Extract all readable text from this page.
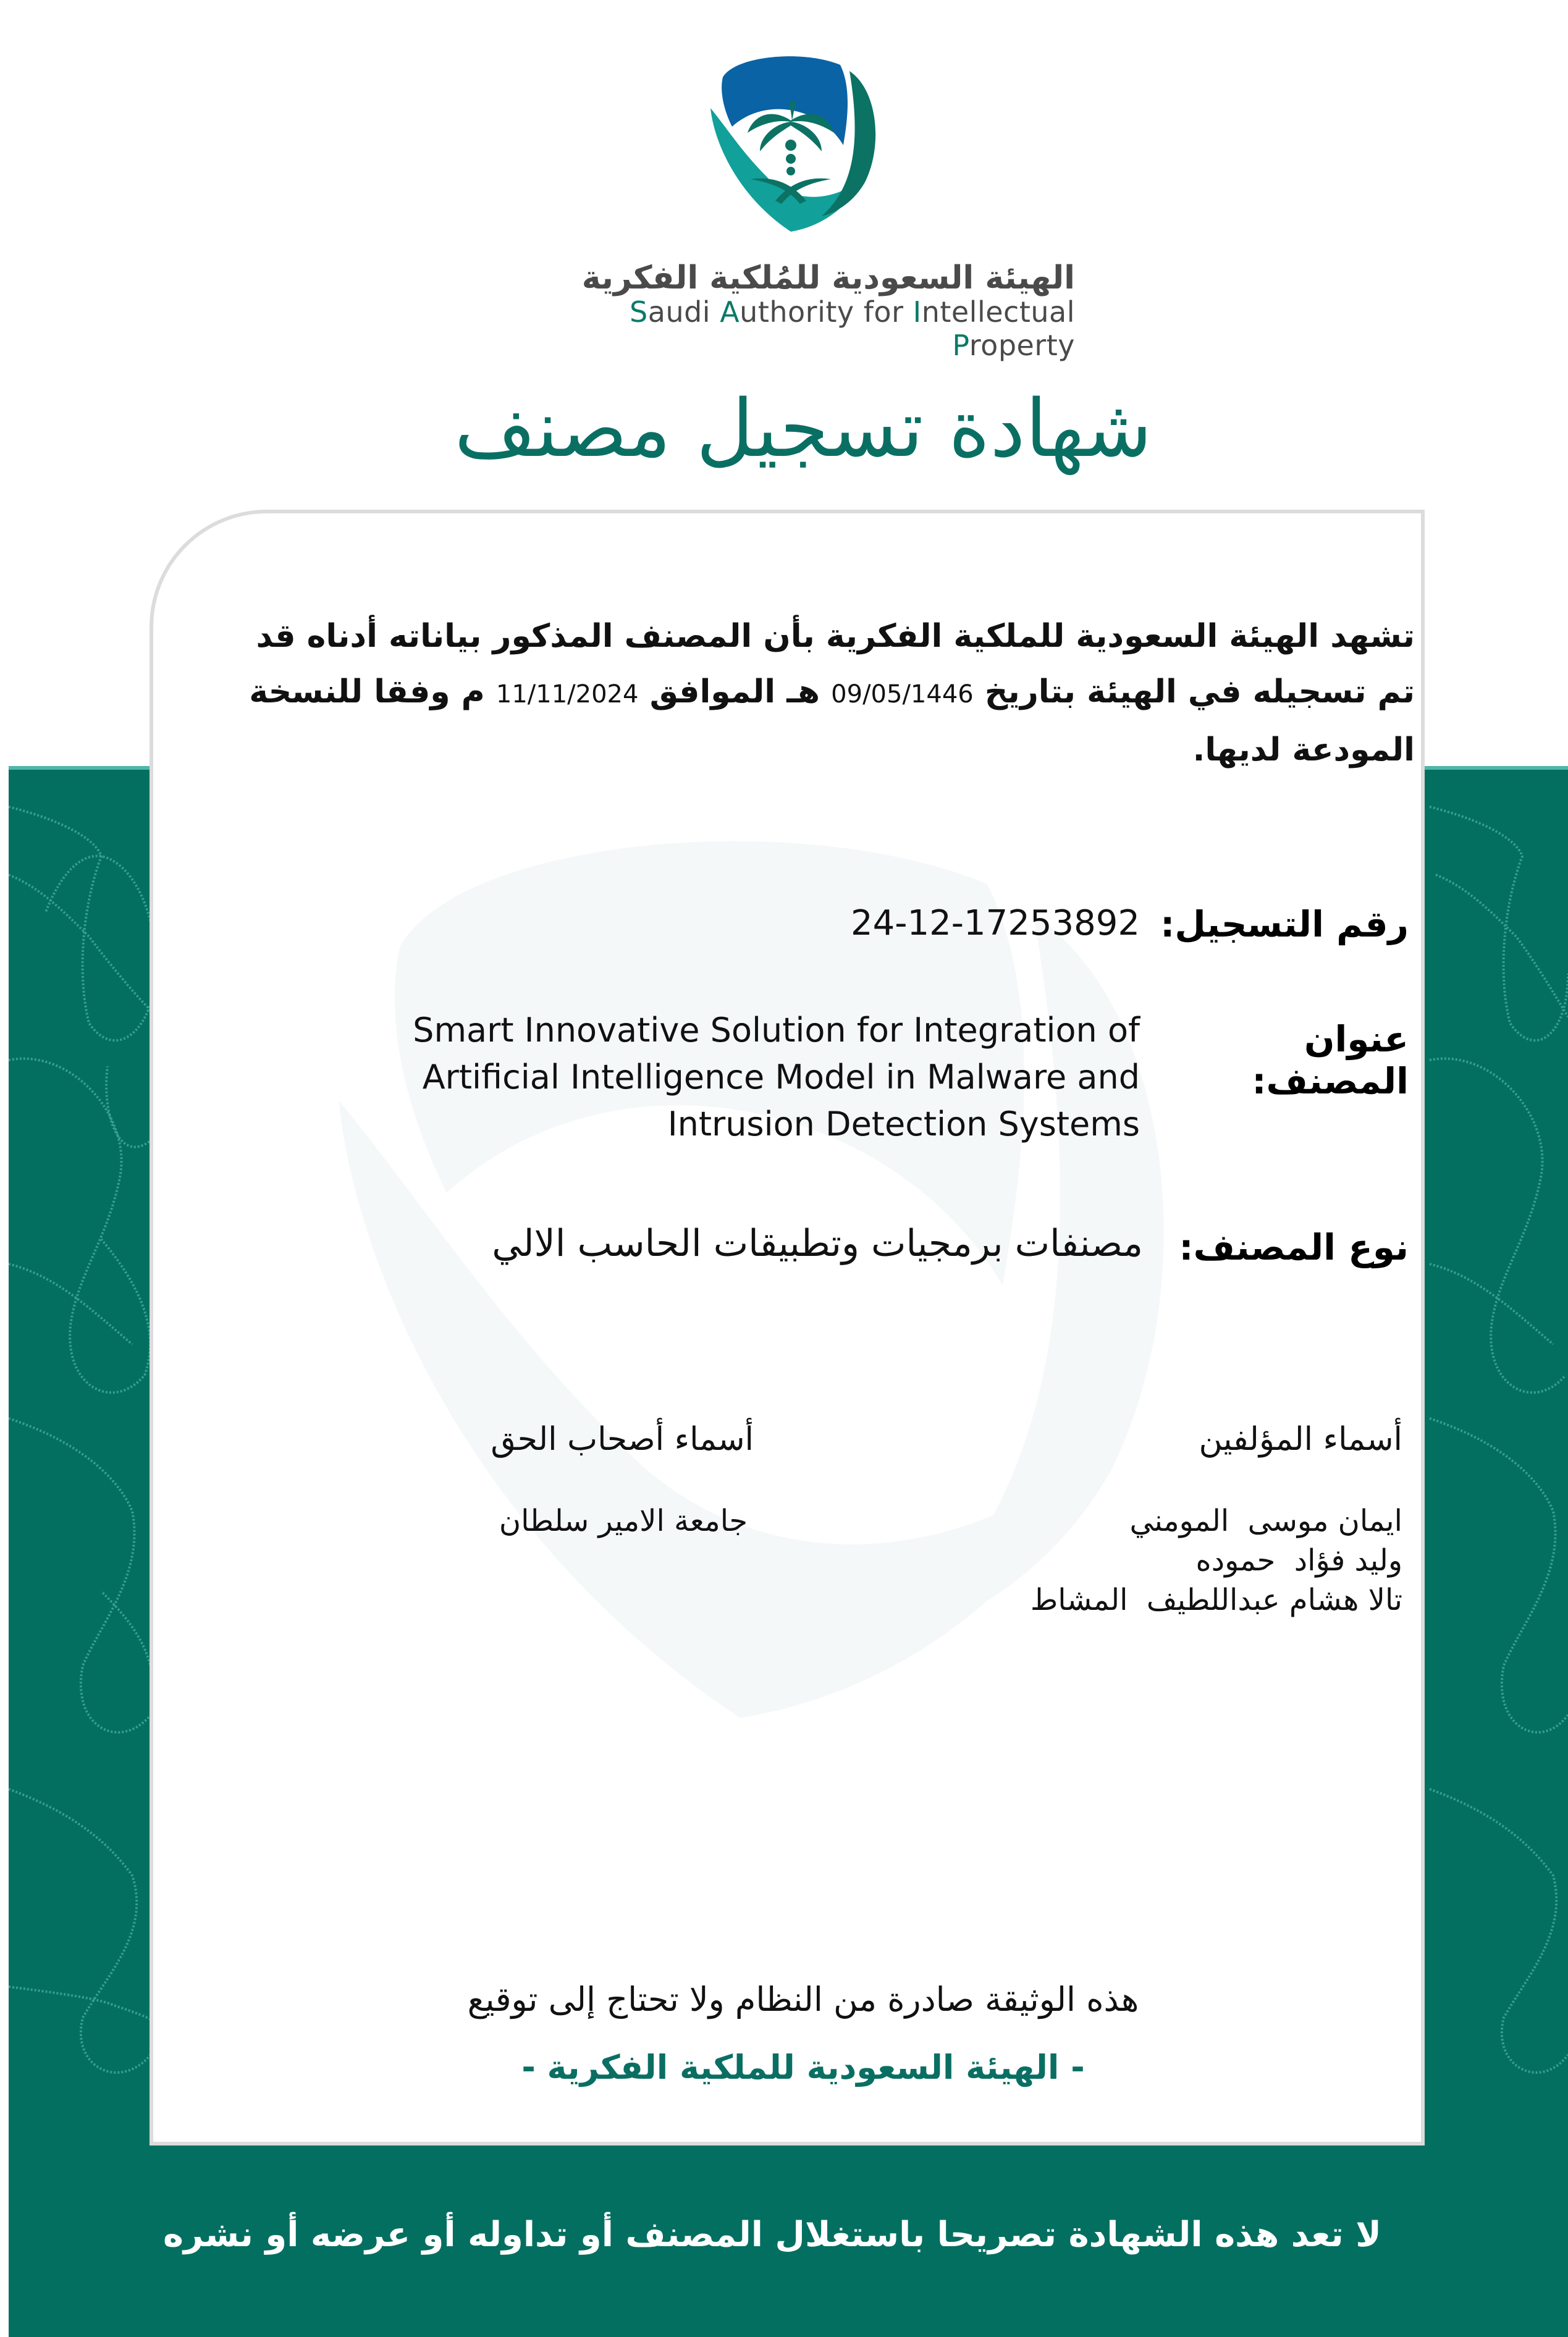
الهيئة السعودية للمُلكية الفكرية
Saudi Authority for Intellectual Property
شهادة تسجيل مصنف
تشهد الهيئة السعودية للملكية الفكرية بأن المصنف المذكور بياناته أدناه قد
تم تسجيله في الهيئة بتاريخ 09/05/1446 هـ الموافق 11/11/2024 م وفقا للنسخة
المودعة لديها.
رقم التسجيل:
24-12-17253892
عنوان المصنف:
Smart Innovative Solution for Integration of
Artificial Intelligence Model in Malware and
Intrusion Detection Systems
نوع المصنف:
مصنفات برمجيات وتطبيقات الحاسب الالي
أسماء المؤلفين
ايمان موسى  المومني
وليد فؤاد  حموده
تالا هشام عبداللطيف  المشاط
أسماء أصحاب الحق
جامعة الامير سلطان
هذه الوثيقة صادرة من النظام ولا تحتاج إلى توقيع
- الهيئة السعودية للملكية الفكرية -
لا تعد هذه الشهادة تصريحا باستغلال المصنف أو تداوله أو عرضه أو نشره
